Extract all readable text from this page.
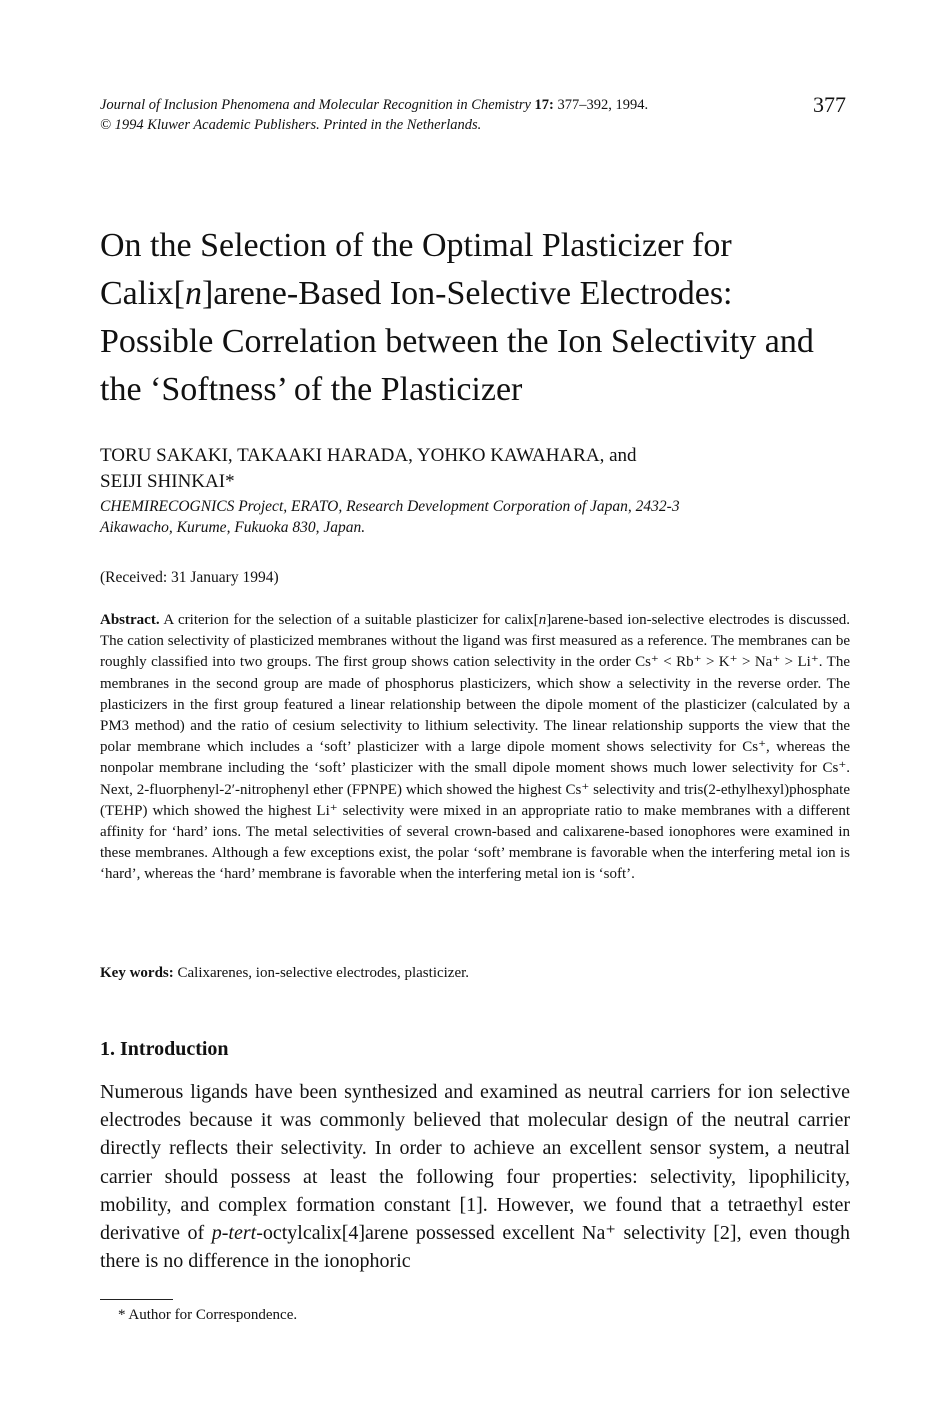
Journal of Inclusion Phenomena and Molecular Recognition in Chemistry 17: 377–392, 1994.
© 1994 Kluwer Academic Publishers. Printed in the Netherlands.
377
On the Selection of the Optimal Plasticizer for
Calix[n]arene-Based Ion-Selective Electrodes:
Possible Correlation between the Ion Selectivity and
the ‘Softness’ of the Plasticizer
TORU SAKAKI, TAKAAKI HARADA, YOHKO KAWAHARA, and
SEIJI SHINKAI*
CHEMIRECOGNICS Project, ERATO, Research Development Corporation of Japan, 2432-3
Aikawacho, Kurume, Fukuoka 830, Japan.
(Received: 31 January 1994)
Abstract. A criterion for the selection of a suitable plasticizer for calix[n]arene-based ion-selective electrodes is discussed. The cation selectivity of plasticized membranes without the ligand was first measured as a reference. The membranes can be roughly classified into two groups. The first group shows cation selectivity in the order Cs⁺ < Rb⁺ > K⁺ > Na⁺ > Li⁺. The membranes in the second group are made of phosphorus plasticizers, which show a selectivity in the reverse order. The plasticizers in the first group featured a linear relationship between the dipole moment of the plasticizer (calculated by a PM3 method) and the ratio of cesium selectivity to lithium selectivity. The linear relationship supports the view that the polar membrane which includes a ‘soft’ plasticizer with a large dipole moment shows selectivity for Cs⁺, whereas the nonpolar membrane including the ‘soft’ plasticizer with the small dipole moment shows much lower selectivity for Cs⁺. Next, 2-fluorphenyl-2′-nitrophenyl ether (FPNPE) which showed the highest Cs⁺ selectivity and tris(2-ethylhexyl)phosphate (TEHP) which showed the highest Li⁺ selectivity were mixed in an appropriate ratio to make membranes with a different affinity for ‘hard’ ions. The metal selectivities of several crown-based and calixarene-based ionophores were examined in these membranes. Although a few exceptions exist, the polar ‘soft’ membrane is favorable when the interfering metal ion is ‘hard’, whereas the ‘hard’ membrane is favorable when the interfering metal ion is ‘soft’.
Key words: Calixarenes, ion-selective electrodes, plasticizer.
1. Introduction
Numerous ligands have been synthesized and examined as neutral carriers for ion selective electrodes because it was commonly believed that molecular design of the neutral carrier directly reflects their selectivity. In order to achieve an excellent sensor system, a neutral carrier should possess at least the following four properties: selectivity, lipophilicity, mobility, and complex formation constant [1]. However, we found that a tetraethyl ester derivative of p-tert-octylcalix[4]arene possessed excellent Na⁺ selectivity [2], even though there is no difference in the ionophoric
* Author for Correspondence.
